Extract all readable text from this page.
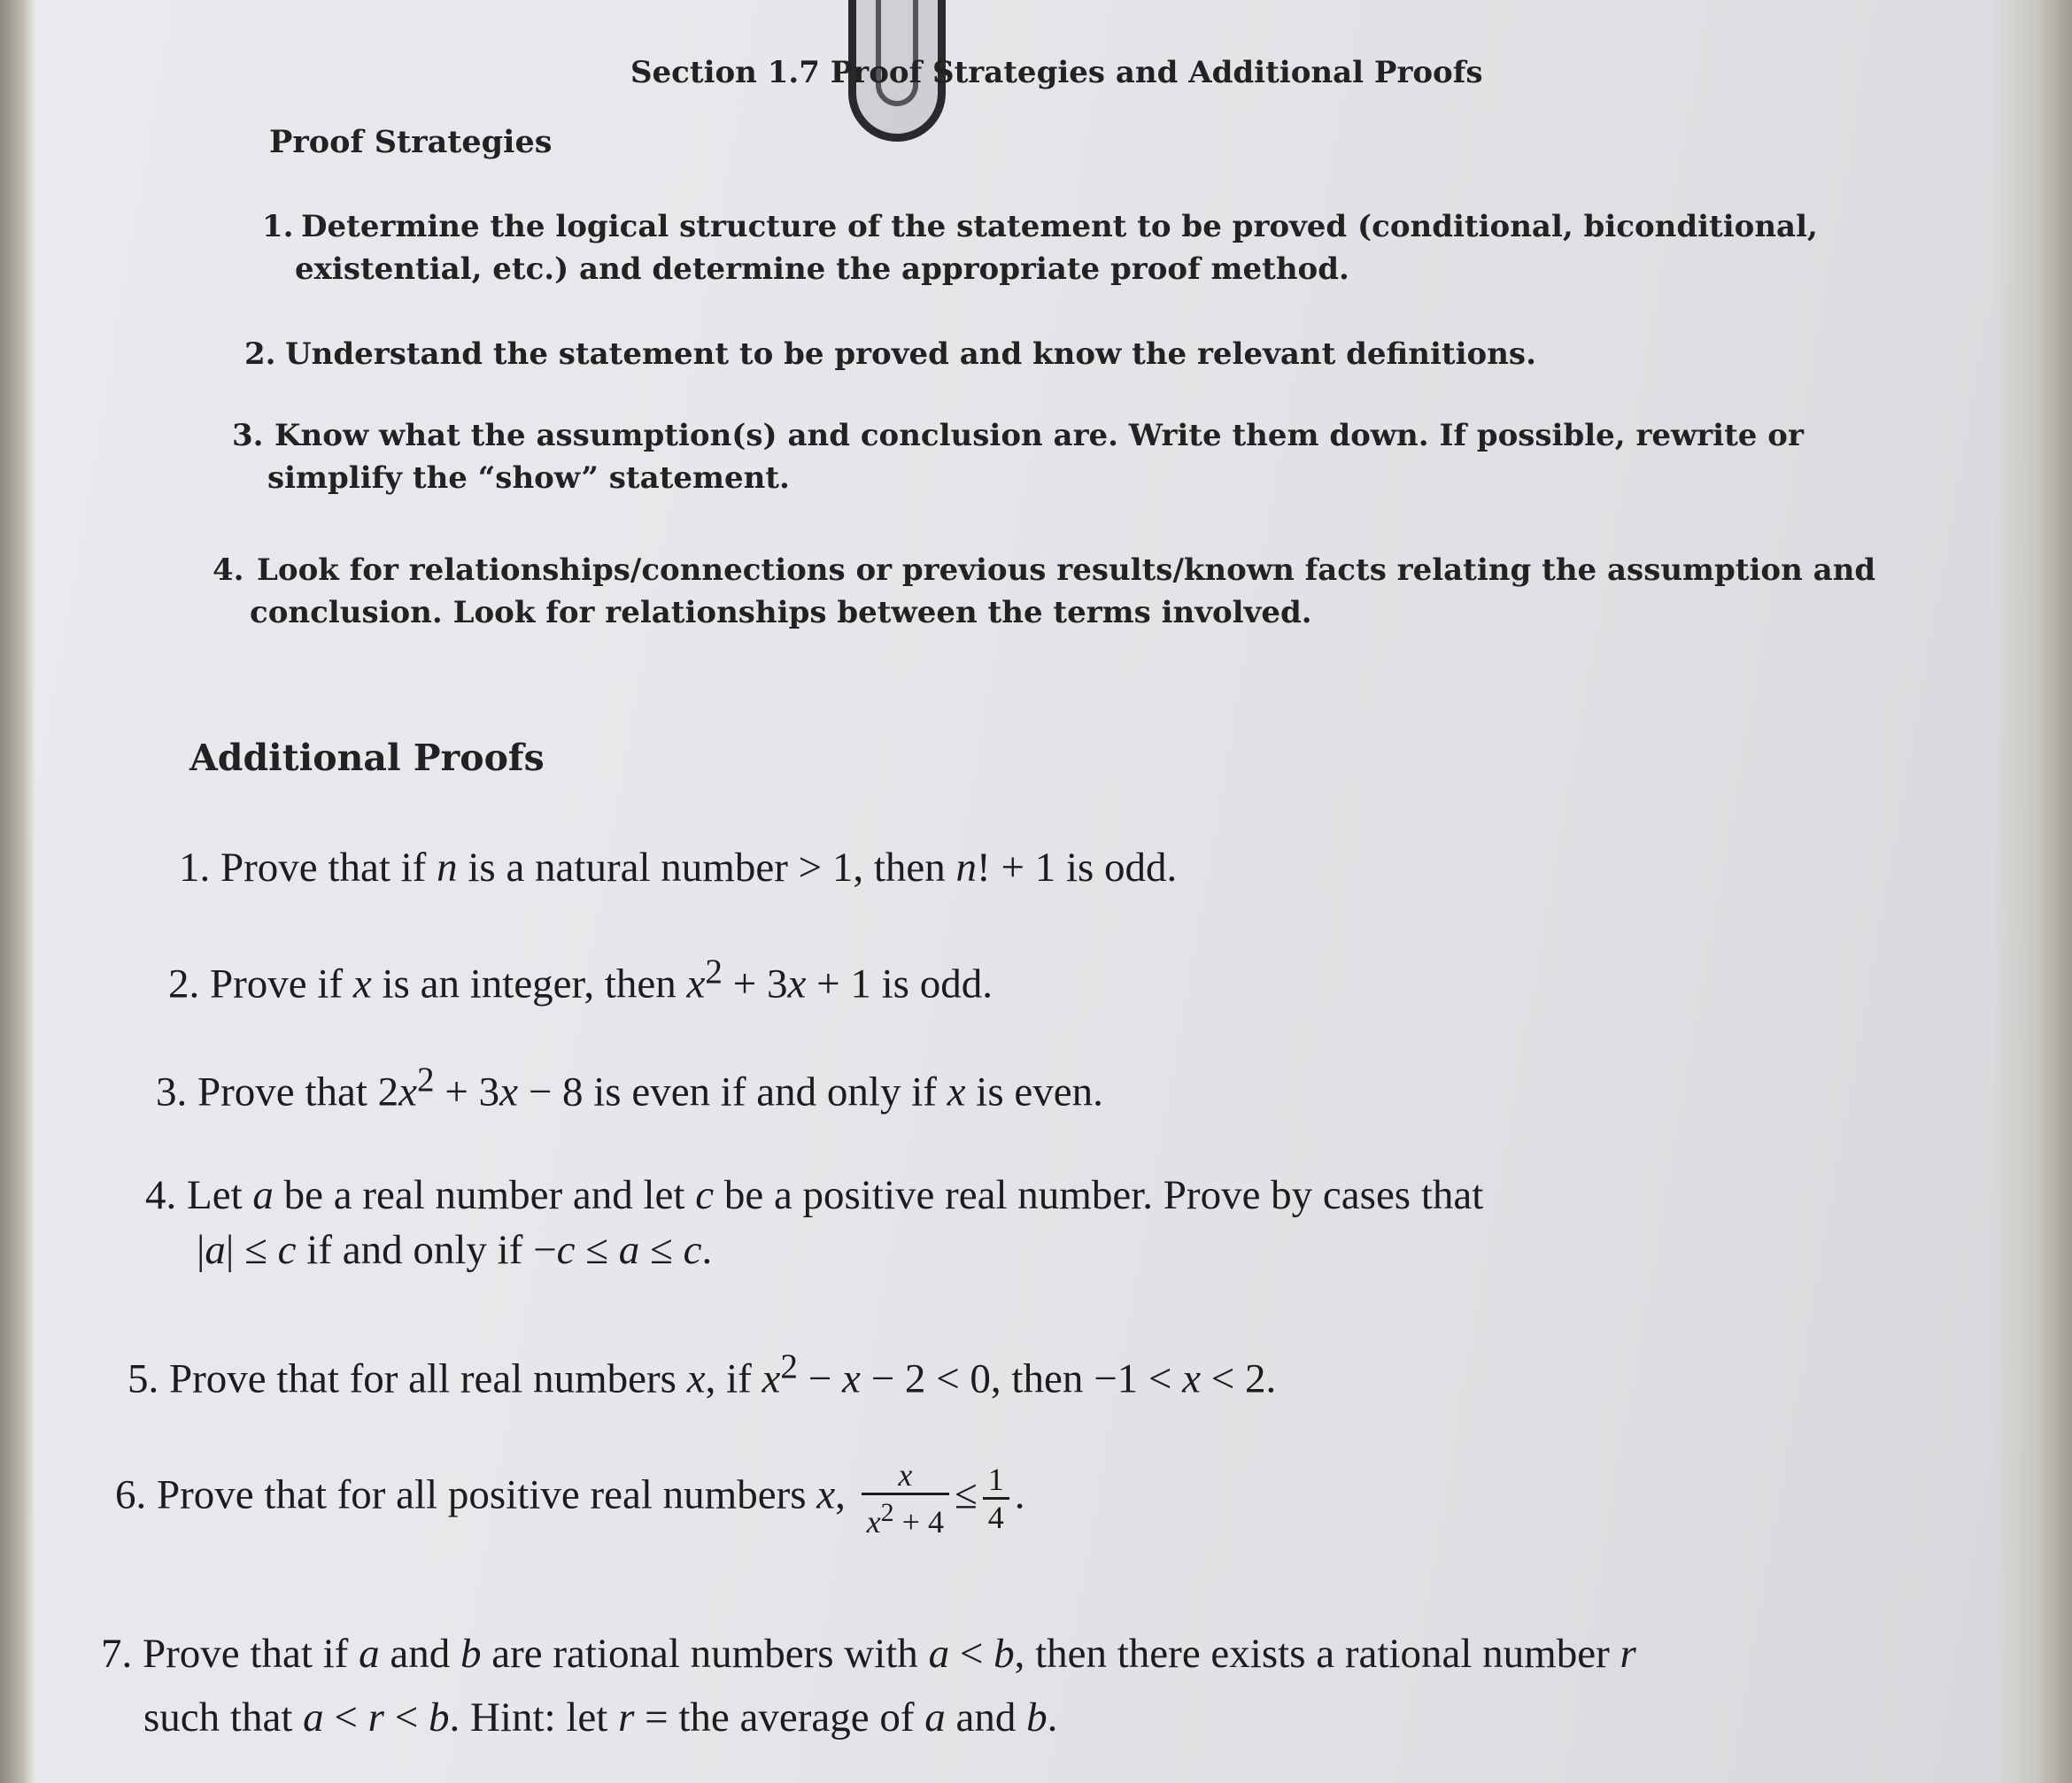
Section 1.7 Proof Strategies and Additional Proofs
Proof Strategies
1. Determine the logical structure of the statement to be proved (conditional, biconditional,
existential, etc.) and determine the appropriate proof method.
2. Understand the statement to be proved and know the relevant definitions.
3. Know what the assumption(s) and conclusion are. Write them down. If possible, rewrite or
simplify the “show” statement.
4. Look for relationships/connections or previous results/known facts relating the assumption and
conclusion. Look for relationships between the terms involved.
Additional Proofs
1. Prove that if n is a natural number > 1, then n! + 1 is odd.
2. Prove if x is an integer, then $x^2 + 3x + 1$ is odd.
3. Prove that $2x^2 + 3x - 8$ is even if and only if x is even.
4. Let a be a real number and let c be a positive real number. Prove by cases that
|a| ≤ c if and only if −c ≤ a ≤ c.
5. Prove that for all real numbers x, if $x^2 - x - 2 < 0$, then −1 < x < 2.
6. Prove that for all positive real numbers x, $\frac{x}{x^2 + 4} \le \frac{1}{4}$ .
7. Prove that if a and b are rational numbers with a < b, then there exists a rational number r
such that a < r < b. Hint: let r = the average of a and b.
